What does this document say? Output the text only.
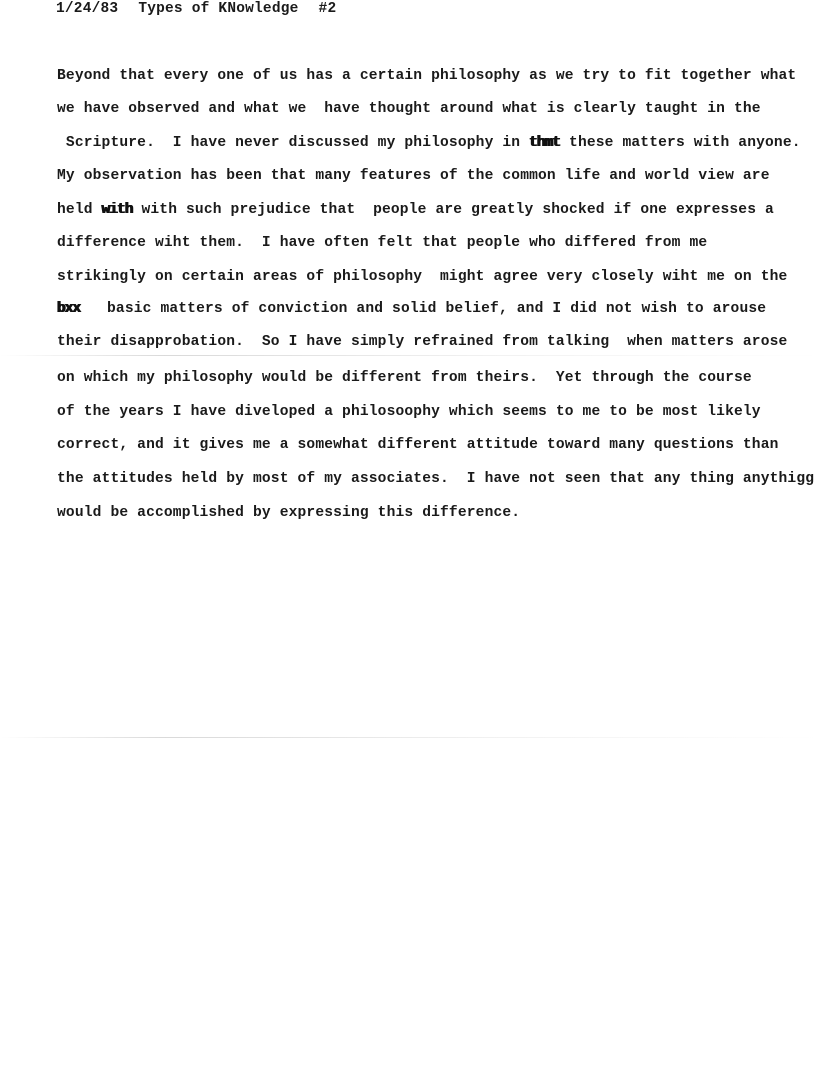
1/24/83 Types of KNowledge #2
Beyond that every one of us has a certain philosophy as we try to fit together what
we have observed and what we  have thought around what is clearly taught in the
Scripture.  I have never discussed my philosophy in thmt these matters with anyone.
My observation has been that many features of the common life and world view are
held with with such prejudice that  people are greatly shocked if one expresses a
difference wiht them.  I have often felt that people who differed from me
strikingly on certain areas of philosophy  might agree very closely wiht me on the
bxx   basic matters of conviction and solid belief, and I did not wish to arouse
their disapprobation.  So I have simply refrained from talking  when matters arose
on which my philosophy would be different from theirs.  Yet through the course
of the years I have diveloped a philosoophy which seems to me to be most likely
correct, and it gives me a somewhat different attitude toward many questions than
the attitudes held by most of my associates.  I have not seen that any thing anythigg
would be accomplished by expressing this difference.
